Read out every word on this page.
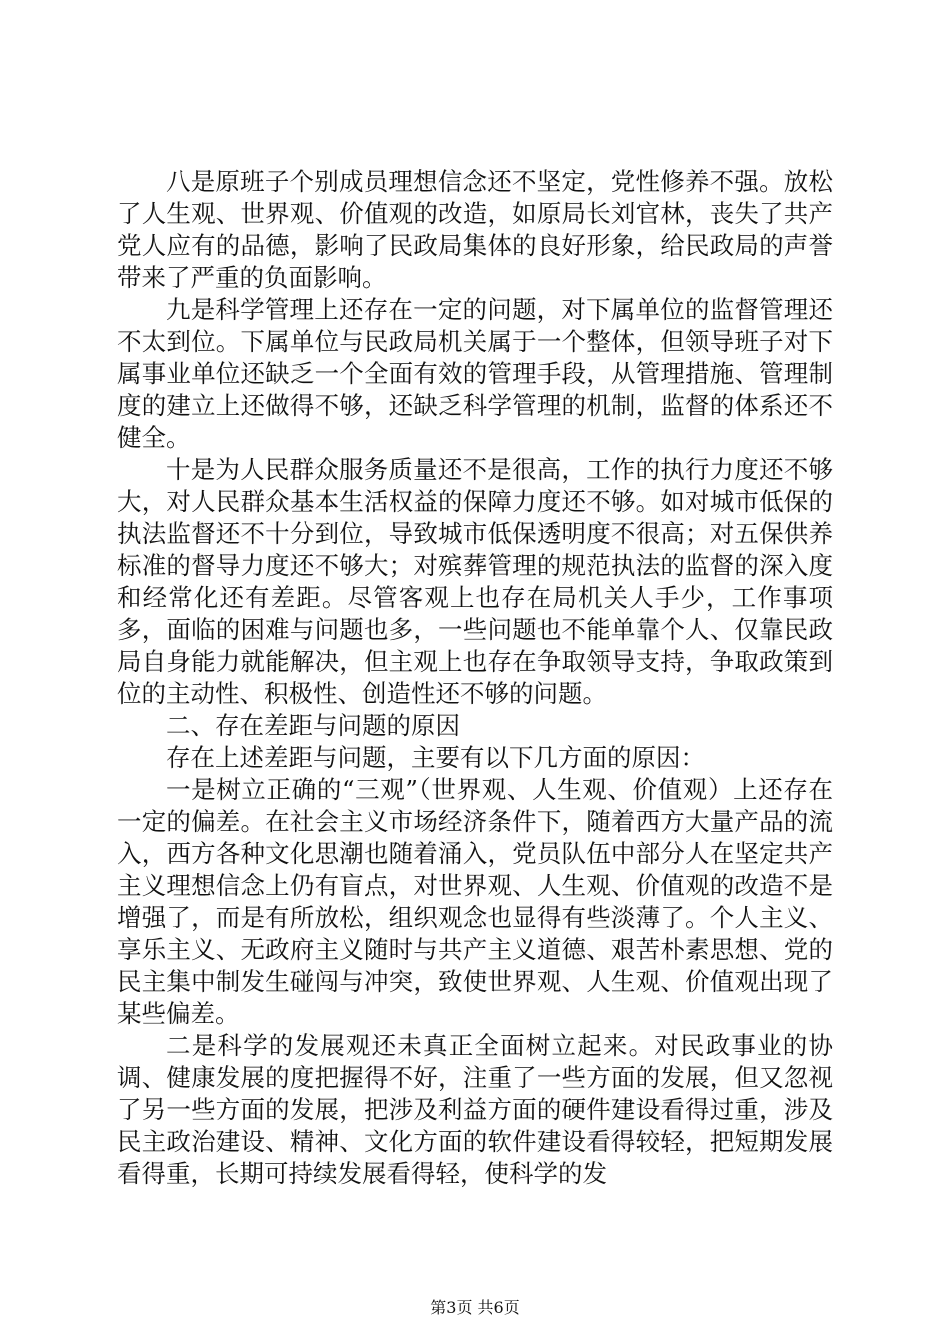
八是原班子个别成员理想信念还不坚定，党性修养不强。放松了人生观、世界观、价值观的改造，如原局长刘官林，丧失了共产党人应有的品德，影响了民政局集体的良好形象，给民政局的声誉带来了严重的负面影响。

九是科学管理上还存在一定的问题，对下属单位的监督管理还不太到位。下属单位与民政局机关属于一个整体，但领导班子对下属事业单位还缺乏一个全面有效的管理手段，从管理措施、管理制度的建立上还做得不够，还缺乏科学管理的机制，监督的体系还不健全。

十是为人民群众服务质量还不是很高，工作的执行力度还不够大，对人民群众基本生活权益的保障力度还不够。如对城市低保的执法监督还不十分到位，导致城市低保透明度不很高；对五保供养标准的督导力度还不够大；对殡葬管理的规范执法的监督的深入度和经常化还有差距。尽管客观上也存在局机关人手少，工作事项多，面临的困难与问题也多，一些问题也不能单靠个人、仅靠民政局自身能力就能解决，但主观上也存在争取领导支持，争取政策到位的主动性、积极性、创造性还不够的问题。

二、存在差距与问题的原因

存在上述差距与问题，主要有以下几方面的原因：

一是树立正确的“三观”（世界观、人生观、价值观）上还存在一定的偏差。在社会主义市场经济条件下，随着西方大量产品的流入，西方各种文化思潮也随着涌入，党员队伍中部分人在坚定共产主义理想信念上仍有盲点，对世界观、人生观、价值观的改造不是增强了，而是有所放松，组织观念也显得有些淡薄了。个人主义、享乐主义、无政府主义随时与共产主义道德、艰苦朴素思想、党的民主集中制发生碰闯与冲突，致使世界观、人生观、价值观出现了某些偏差。

二是科学的发展观还未真正全面树立起来。对民政事业的协调、健康发展的度把握得不好，注重了一些方面的发展，但又忽视了另一些方面的发展，把涉及利益方面的硬件建设看得过重，涉及民主政治建设、精神、文化方面的软件建设看得较轻，把短期发展看得重，长期可持续发展看得轻，使科学的发

第3页 共6页
